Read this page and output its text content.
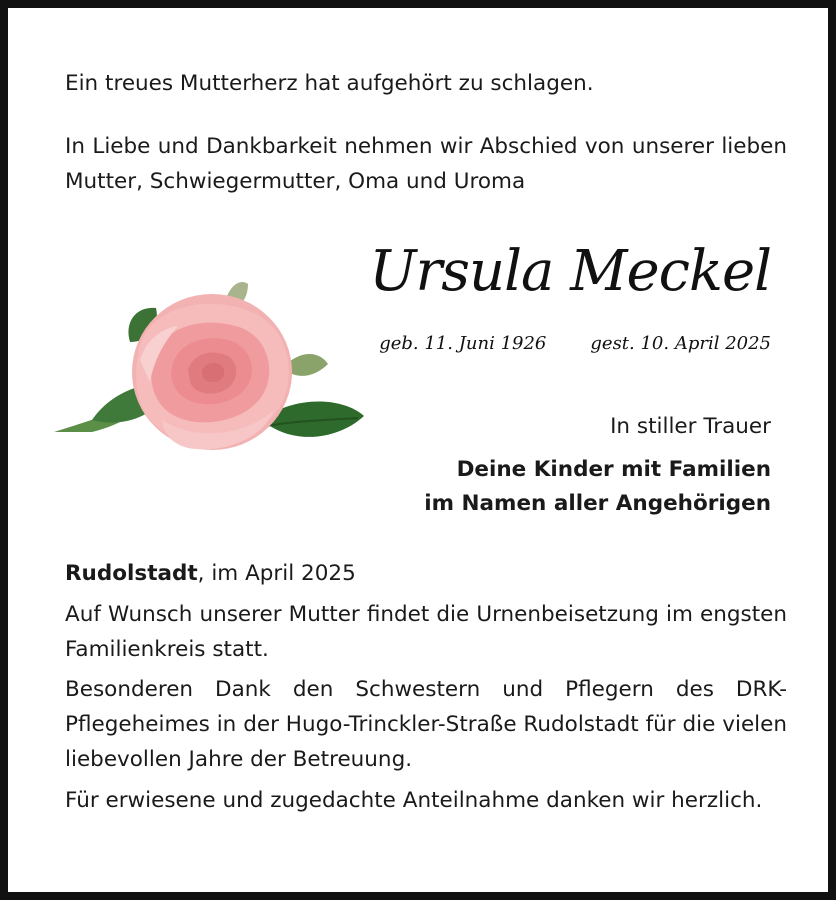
Ein treues Mutterherz hat aufgehört zu schlagen.

In Liebe und Dankbarkeit nehmen wir Abschied von unserer lieben Mutter, Schwiegermutter, Oma und Uroma

Ursula Meckel
geb. 11. Juni 1926 gest. 10. April 2025

In stiller Trauer

Deine Kinder mit Familien

im Namen aller Angehörigen

Rudolstadt, im April 2025

Auf Wunsch unserer Mutter findet die Urnenbeisetzung im engsten Familienkreis statt.

Besonderen Dank den Schwestern und Pflegern des DRK-Pflegeheimes in der Hugo-Trinckler-Straße Rudolstadt für die vielen liebevollen Jahre der Betreuung.

Für erwiesene und zugedachte Anteilnahme danken wir herzlich.
